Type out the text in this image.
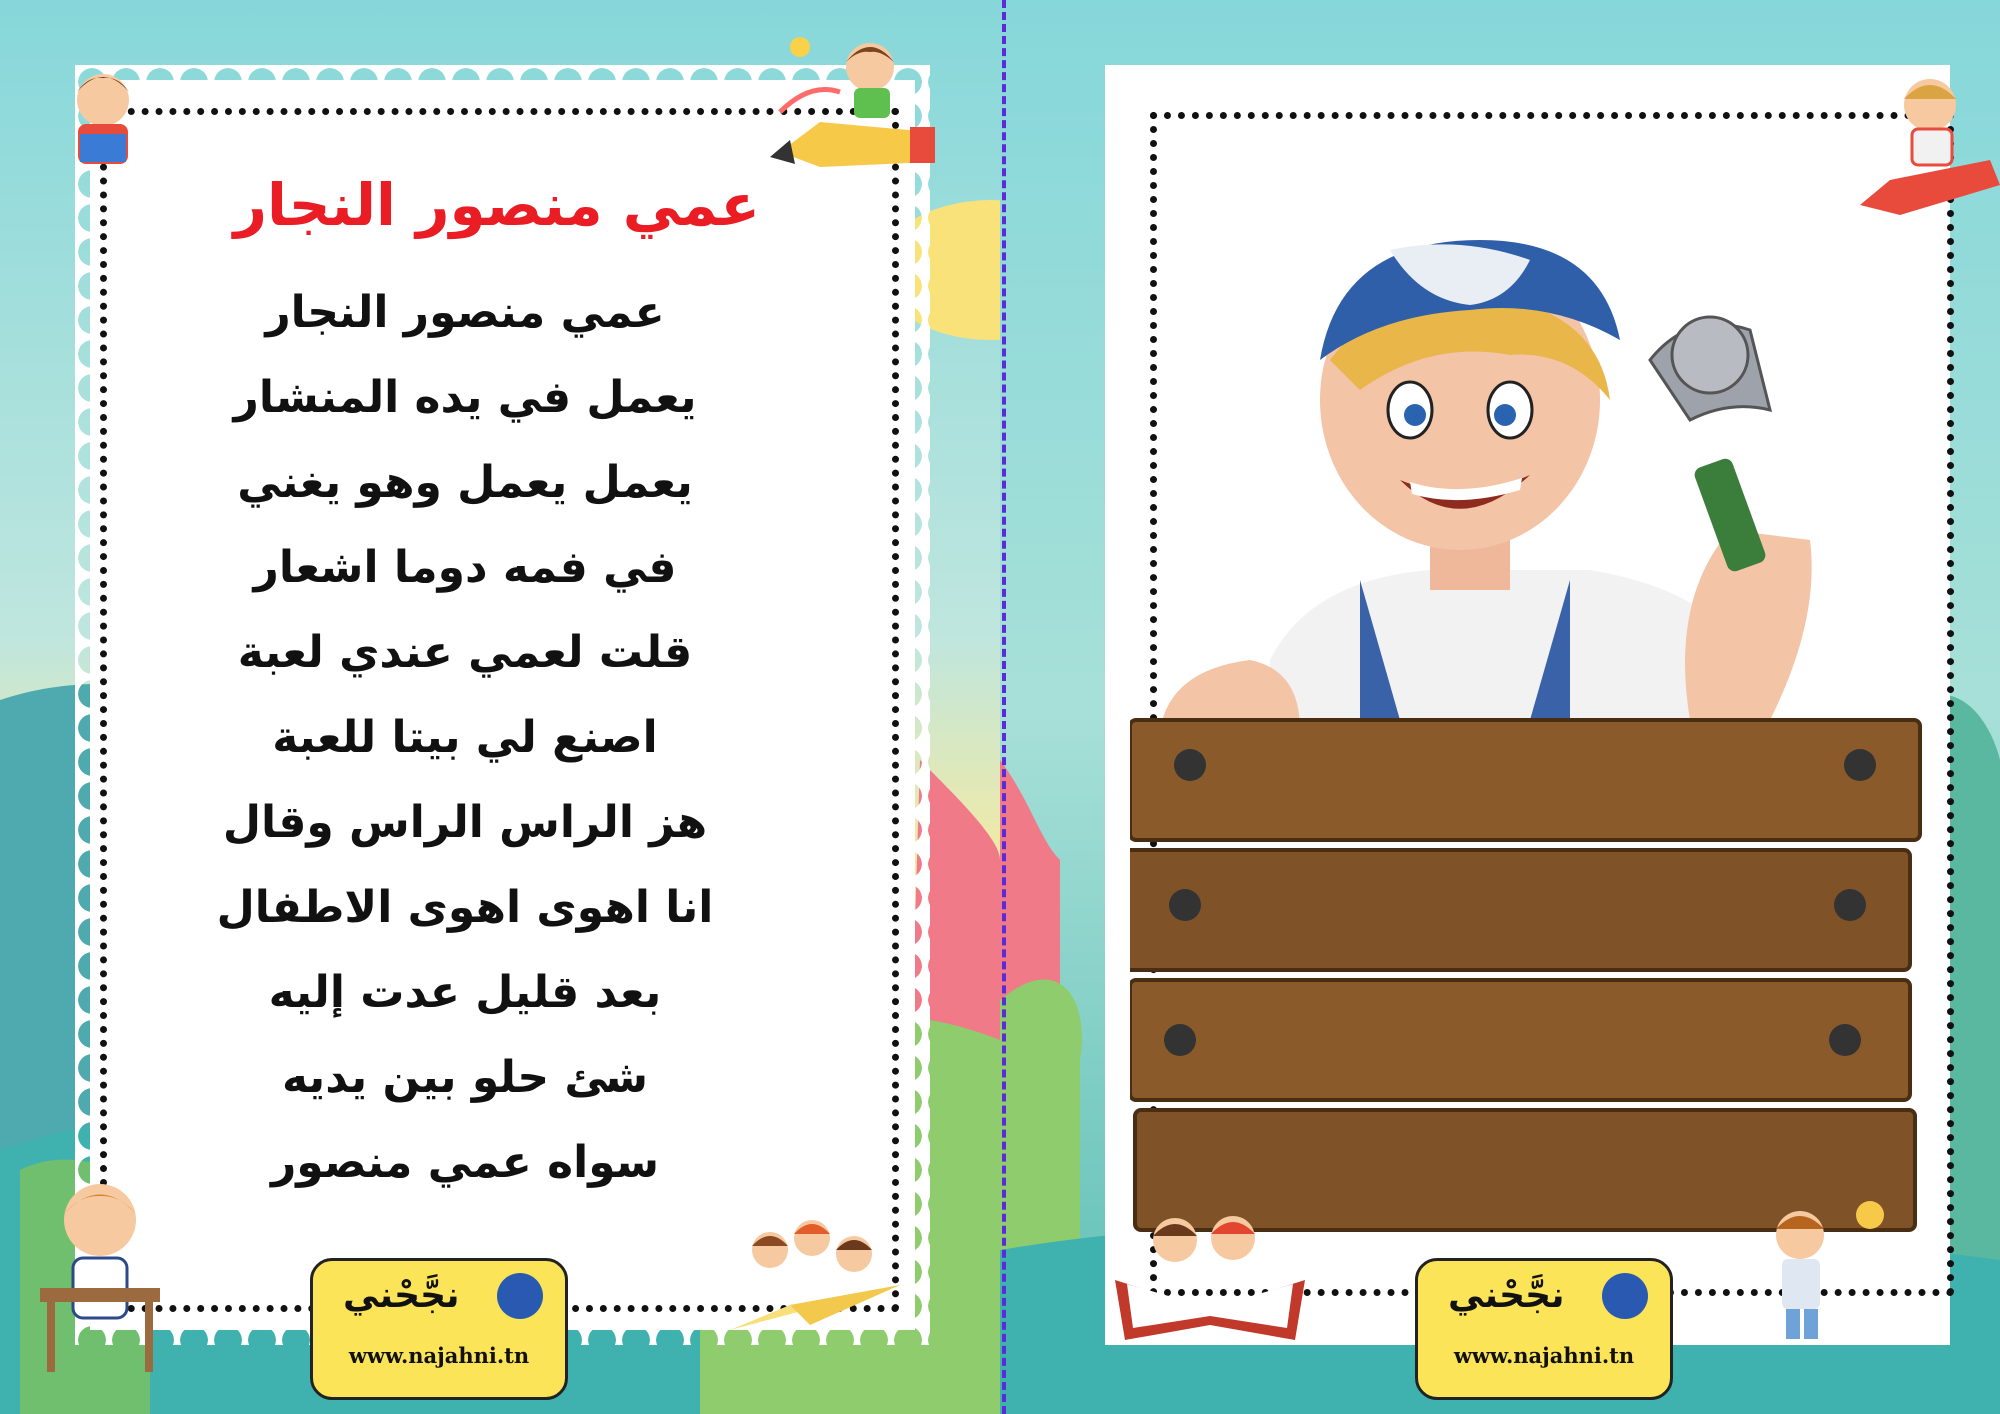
عمي منصور النجار
عمي منصور النجار
يعمل في يده المنشار
يعمل يعمل وهو يغني
في فمه دوما اشعار
قلت لعمي عندي لعبة
اصنع لي بيتا للعبة
هز الراس الراس وقال
انا اهوى اهوى الاطفال
بعد قليل عدت إليه
شئ حلو بين يديه
سواه عمي منصور
نجَّحْني
www.najahni.tn
نجَّحْني
www.najahni.tn
